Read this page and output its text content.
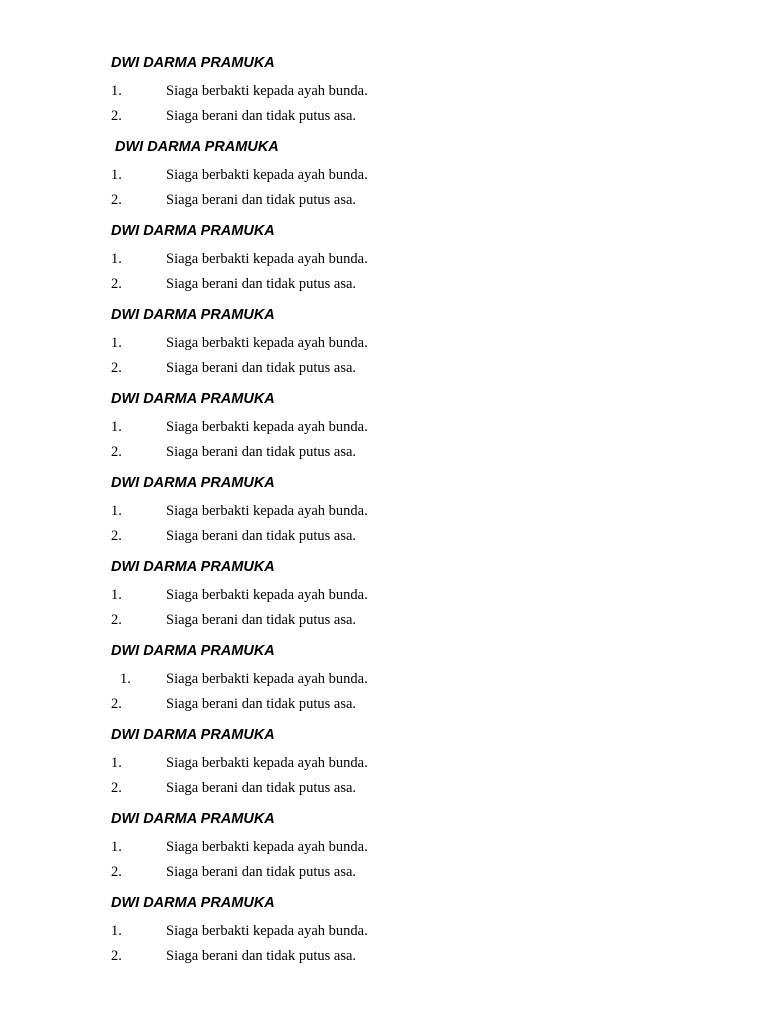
DWI DARMA PRAMUKA
1.	Siaga berbakti kepada ayah bunda.
2.	Siaga berani dan tidak putus asa.
DWI DARMA PRAMUKA
1.	Siaga berbakti kepada ayah bunda.
2.	Siaga berani dan tidak putus asa.
DWI DARMA PRAMUKA
1.	Siaga berbakti kepada ayah bunda.
2.	Siaga berani dan tidak putus asa.
DWI DARMA PRAMUKA
1.	Siaga berbakti kepada ayah bunda.
2.	Siaga berani dan tidak putus asa.
DWI DARMA PRAMUKA
1.	Siaga berbakti kepada ayah bunda.
2.	Siaga berani dan tidak putus asa.
DWI DARMA PRAMUKA
1.	Siaga berbakti kepada ayah bunda.
2.	Siaga berani dan tidak putus asa.
DWI DARMA PRAMUKA
1.	Siaga berbakti kepada ayah bunda.
2.	Siaga berani dan tidak putus asa.
DWI DARMA PRAMUKA
1. Siaga berbakti kepada ayah bunda.
2.	Siaga berani dan tidak putus asa.
DWI DARMA PRAMUKA
1.	Siaga berbakti kepada ayah bunda.
2.	Siaga berani dan tidak putus asa.
DWI DARMA PRAMUKA
1.	Siaga berbakti kepada ayah bunda.
2.	Siaga berani dan tidak putus asa.
DWI DARMA PRAMUKA
1.	Siaga berbakti kepada ayah bunda.
2.	Siaga berani dan tidak putus asa.
